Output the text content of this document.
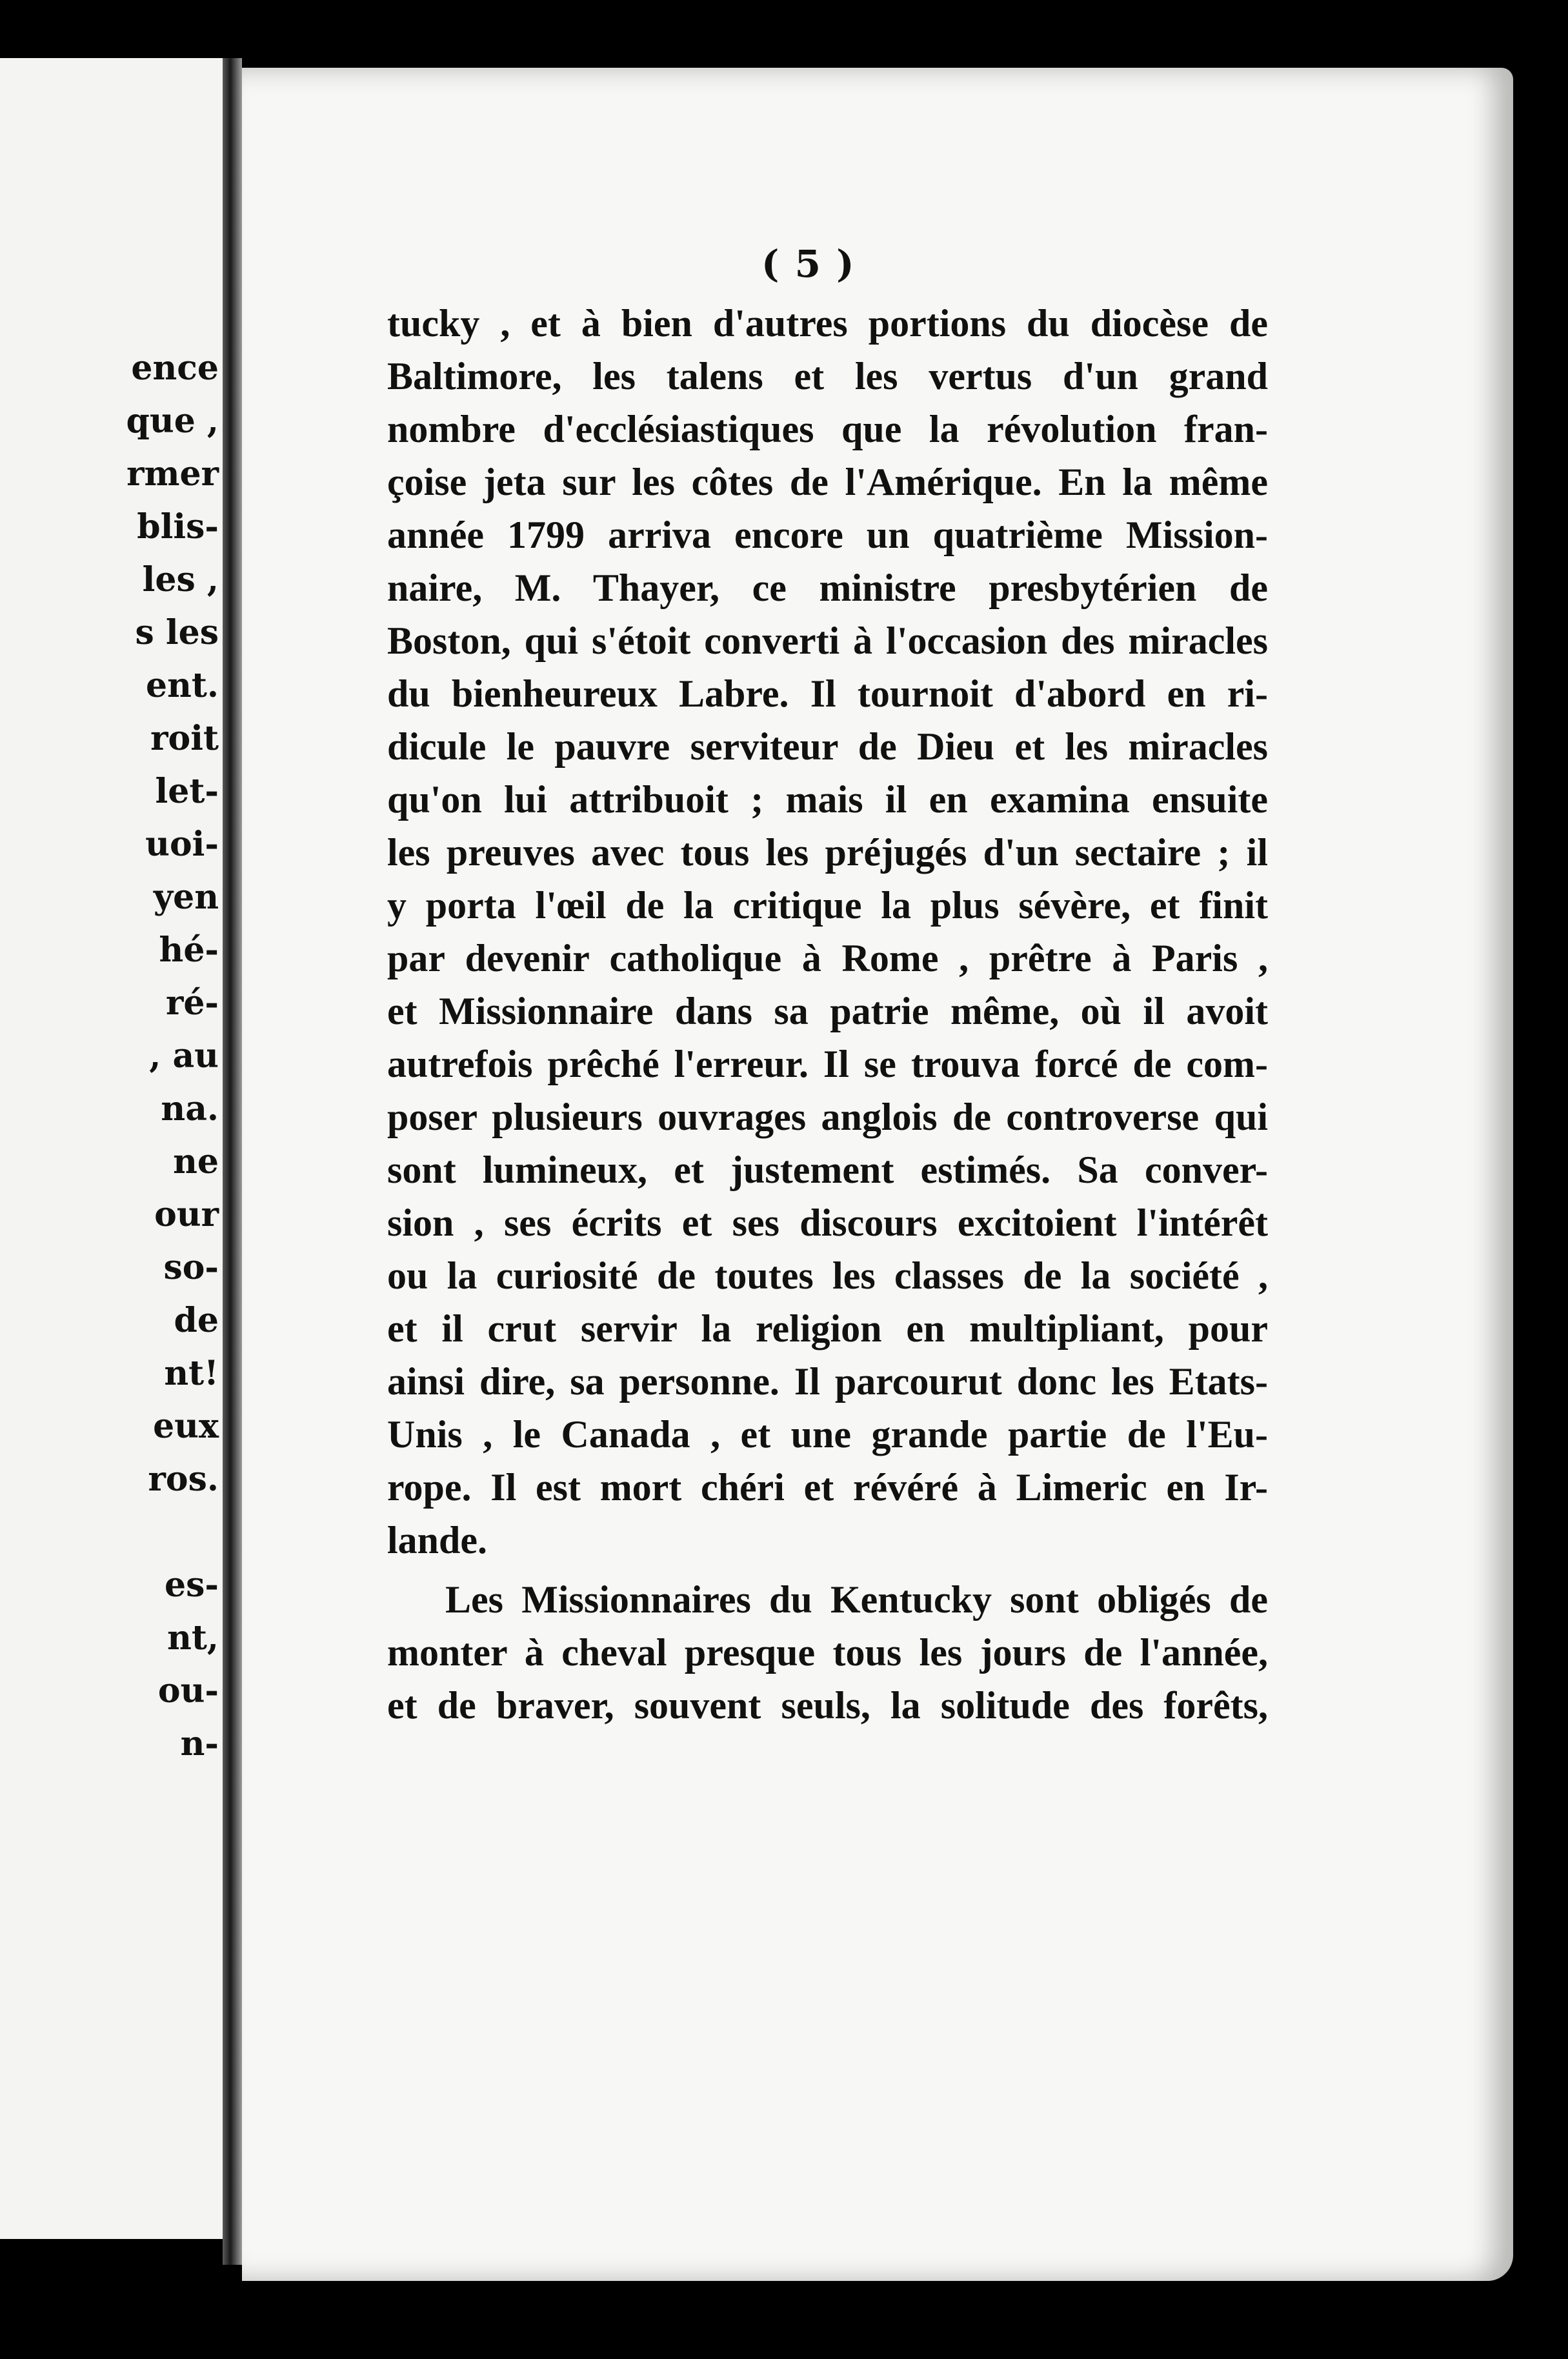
ence
que ,
rmer
blis-
les ,
s les
ent.
roit
let-
uoi-
yen
hé-
ré-
, au
na.
ne
our
so-
de
nt!
eux
ros.
es-
nt,
ou-
n-
( 5 )
tucky , et à bien d'autres portions du diocèse de
Baltimore, les talens et les vertus d'un grand
nombre d'ecclésiastiques que la révolution fran-
çoise jeta sur les côtes de l'Amérique. En la même
année 1799 arriva encore un quatrième Mission-
naire, M. Thayer, ce ministre presbytérien de
Boston, qui s'étoit converti à l'occasion des miracles
du bienheureux Labre. Il tournoit d'abord en ri-
dicule le pauvre serviteur de Dieu et les miracles
qu'on lui attribuoit ; mais il en examina ensuite
les preuves avec tous les préjugés d'un sectaire ; il
y porta l'œil de la critique la plus sévère, et finit
par devenir catholique à Rome , prêtre à Paris ,
et Missionnaire dans sa patrie même, où il avoit
autrefois prêché l'erreur. Il se trouva forcé de com-
poser plusieurs ouvrages anglois de controverse qui
sont lumineux, et justement estimés. Sa conver-
sion , ses écrits et ses discours excitoient l'intérêt
ou la curiosité de toutes les classes de la société ,
et il crut servir la religion en multipliant, pour
ainsi dire, sa personne. Il parcourut donc les Etats-
Unis , le Canada , et une grande partie de l'Eu-
rope. Il est mort chéri et révéré à Limeric en Ir-
lande.
Les Missionnaires du Kentucky sont obligés de
monter à cheval presque tous les jours de l'année,
et de braver, souvent seuls, la solitude des forêts,
